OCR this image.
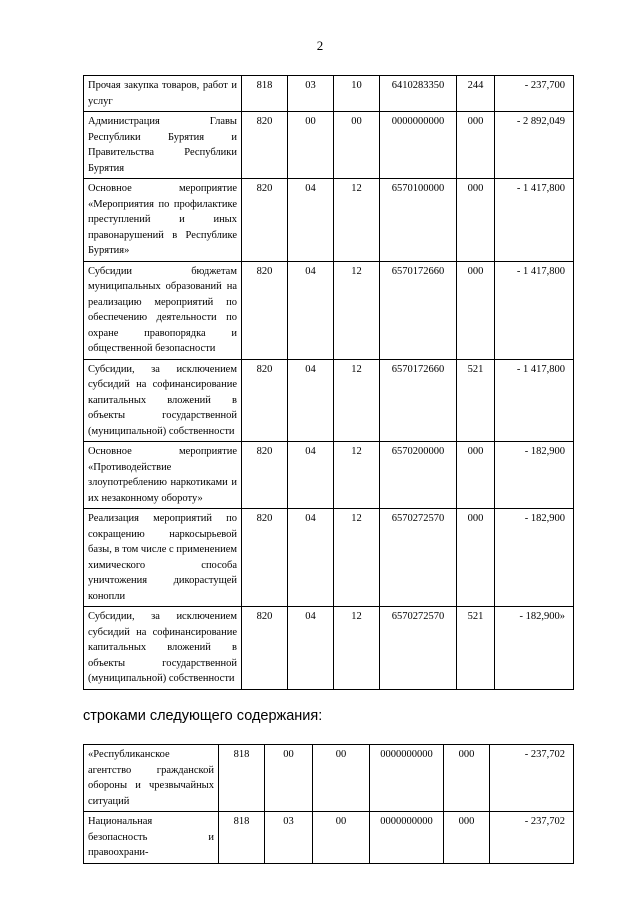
2
Прочая закупка товаров, работ и услуг	818	03	10	6410283350	244	- 237,700
Администрация Главы Республики Бурятия и Правительства Республики Бурятия	820	00	00	0000000000	000	- 2 892,049
Основное мероприятие «Мероприятия по профилактике преступлений и иных правонарушений в Республике Бурятия»	820	04	12	6570100000	000	- 1 417,800
Субсидии бюджетам муниципальных образований на реализацию мероприятий по обеспечению деятельности по охране правопорядка и общественной безопасности	820	04	12	6570172660	000	- 1 417,800
Субсидии, за исключением субсидий на софинансирование капитальных вложений в объекты государственной (муниципальной) собственности	820	04	12	6570172660	521	- 1 417,800
Основное мероприятие «Противодействие злоупотреблению наркотиками и их незаконному обороту»	820	04	12	6570200000	000	- 182,900
Реализация мероприятий по сокращению наркосырьевой базы, в том числе с применением химического способа уничтожения дикорастущей конопли	820	04	12	6570272570	000	- 182,900
Субсидии, за исключением субсидий на софинансирование капитальных вложений в объекты государственной (муниципальной) собственности	820	04	12	6570272570	521	- 182,900»
строками следующего содержания:
«Республиканское агентство гражданской обороны и чрезвычайных ситуаций	818	00	00	0000000000	000	- 237,702
Национальная безопасность и правоохрани-	818	03	00	0000000000	000	- 237,702
